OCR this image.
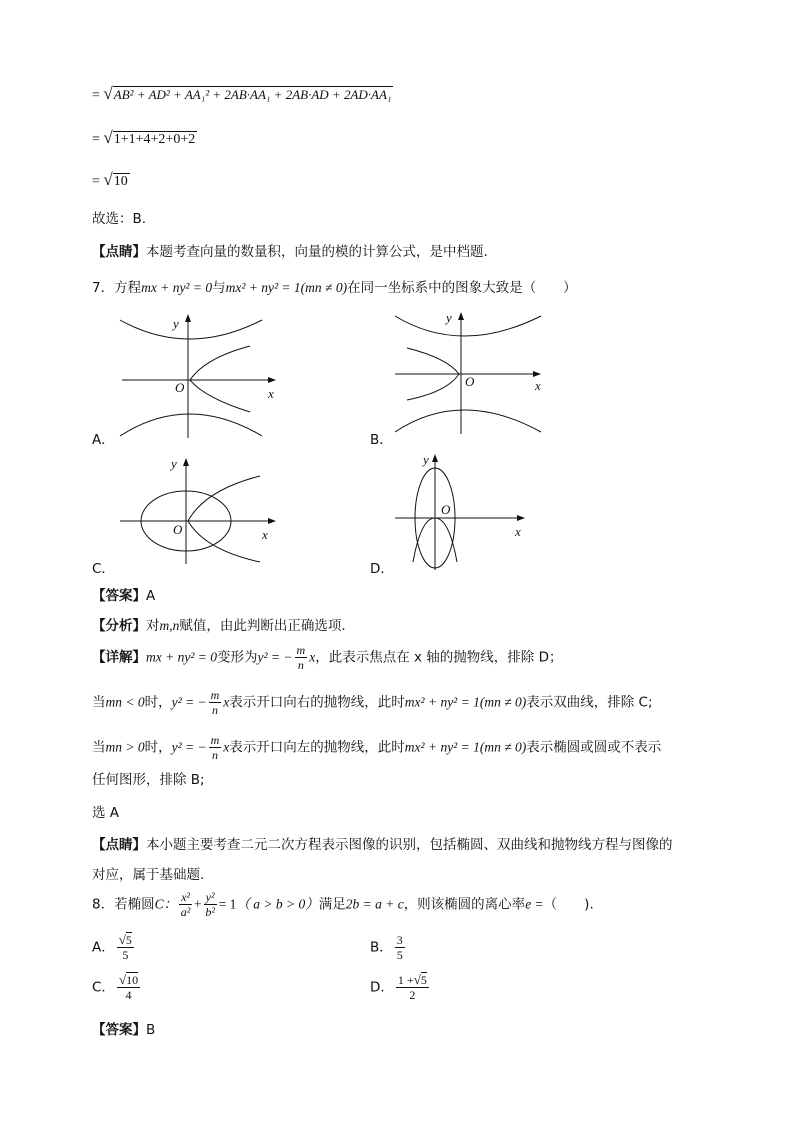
= √AB² + AD² + AA₁² + 2AB·AA₁ + 2AB·AD + 2AD·AA₁
= √1+1+4+2+0+2
= √10
故选：B.
【点睛】本题考查向量的数量积，向量的模的计算公式，是中档题.
7．方程mx + ny² = 0与mx² + ny² = 1(mn ≠ 0)在同一坐标系中的图象大致是（　　）
x
y
O
A．
x
y
O
B．
x
y
O
C．
x
y
O
D．
【答案】A
【分析】对m,n赋值，由此判断出正确选项.
【详解】mx + ny² = 0变形为y² = − $\frac{m}{n}$ x，此表示焦点在 x 轴的抛物线，排除 D；
当mn < 0时，y² = − $\frac{m}{n}$ x表示开口向右的抛物线，此时mx² + ny² = 1(mn ≠ 0)表示双曲线，排除 C;
当mn > 0时，y² = − $\frac{m}{n}$ x表示开口向左的抛物线，此时mx² + ny² = 1(mn ≠ 0)表示椭圆或圆或不表示
任何图形，排除 B;
选 A
【点睛】本小题主要考查二元二次方程表示图像的识别，包括椭圆、双曲线和抛物线方程与图像的
对应，属于基础题.
8．若椭圆C： $\frac{\text{x²}}{\text{a²}} + \frac{\text{y²}}{\text{b²}} = 1$（ a > b > 0）满足2b = a + c，则该椭圆的离心率e =（　　).
A． $\frac{√5}{5}$	B． $\frac{3}{5}$
C． $\frac{√10}{4}$	D． $\frac{1 +√5}{2}$
【答案】B
